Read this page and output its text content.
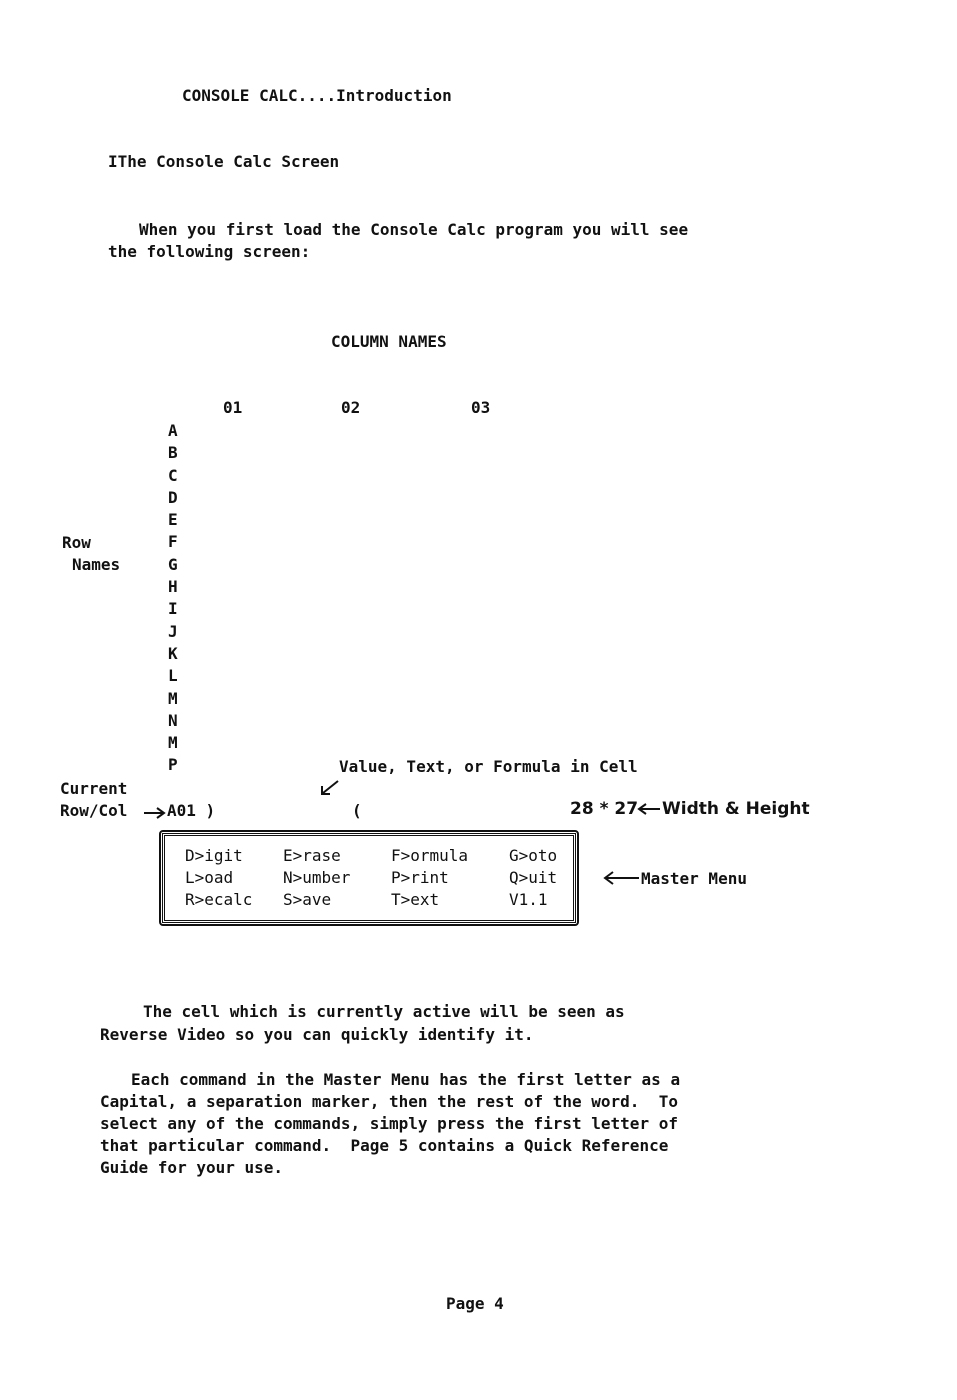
CONSOLE CALC....Introduction
IThe Console Calc Screen
When you first load the Console Calc program you will see
the following screen:
COLUMN NAMES
01	02	03
A
B
C
D
E
F
G
H
I
J
K
L
M
N
M
P
Row
Names
Value, Text, or Formula in Cell
Current
Row/Col A01 )	(	28 * 27 Width & Height
D>igit	E>rase	F>ormula	G>oto
L>oad	N>umber	P>rint	Q>uit
R>ecalc	S>ave	T>ext	V1.1
Master Menu
The cell which is currently active will be seen as
Reverse Video so you can quickly identify it.
Each command in the Master Menu has the first letter as a
Capital, a separation marker, then the rest of the word.  To
select any of the commands, simply press the first letter of
that particular command.  Page 5 contains a Quick Reference
Guide for your use.
Page 4
